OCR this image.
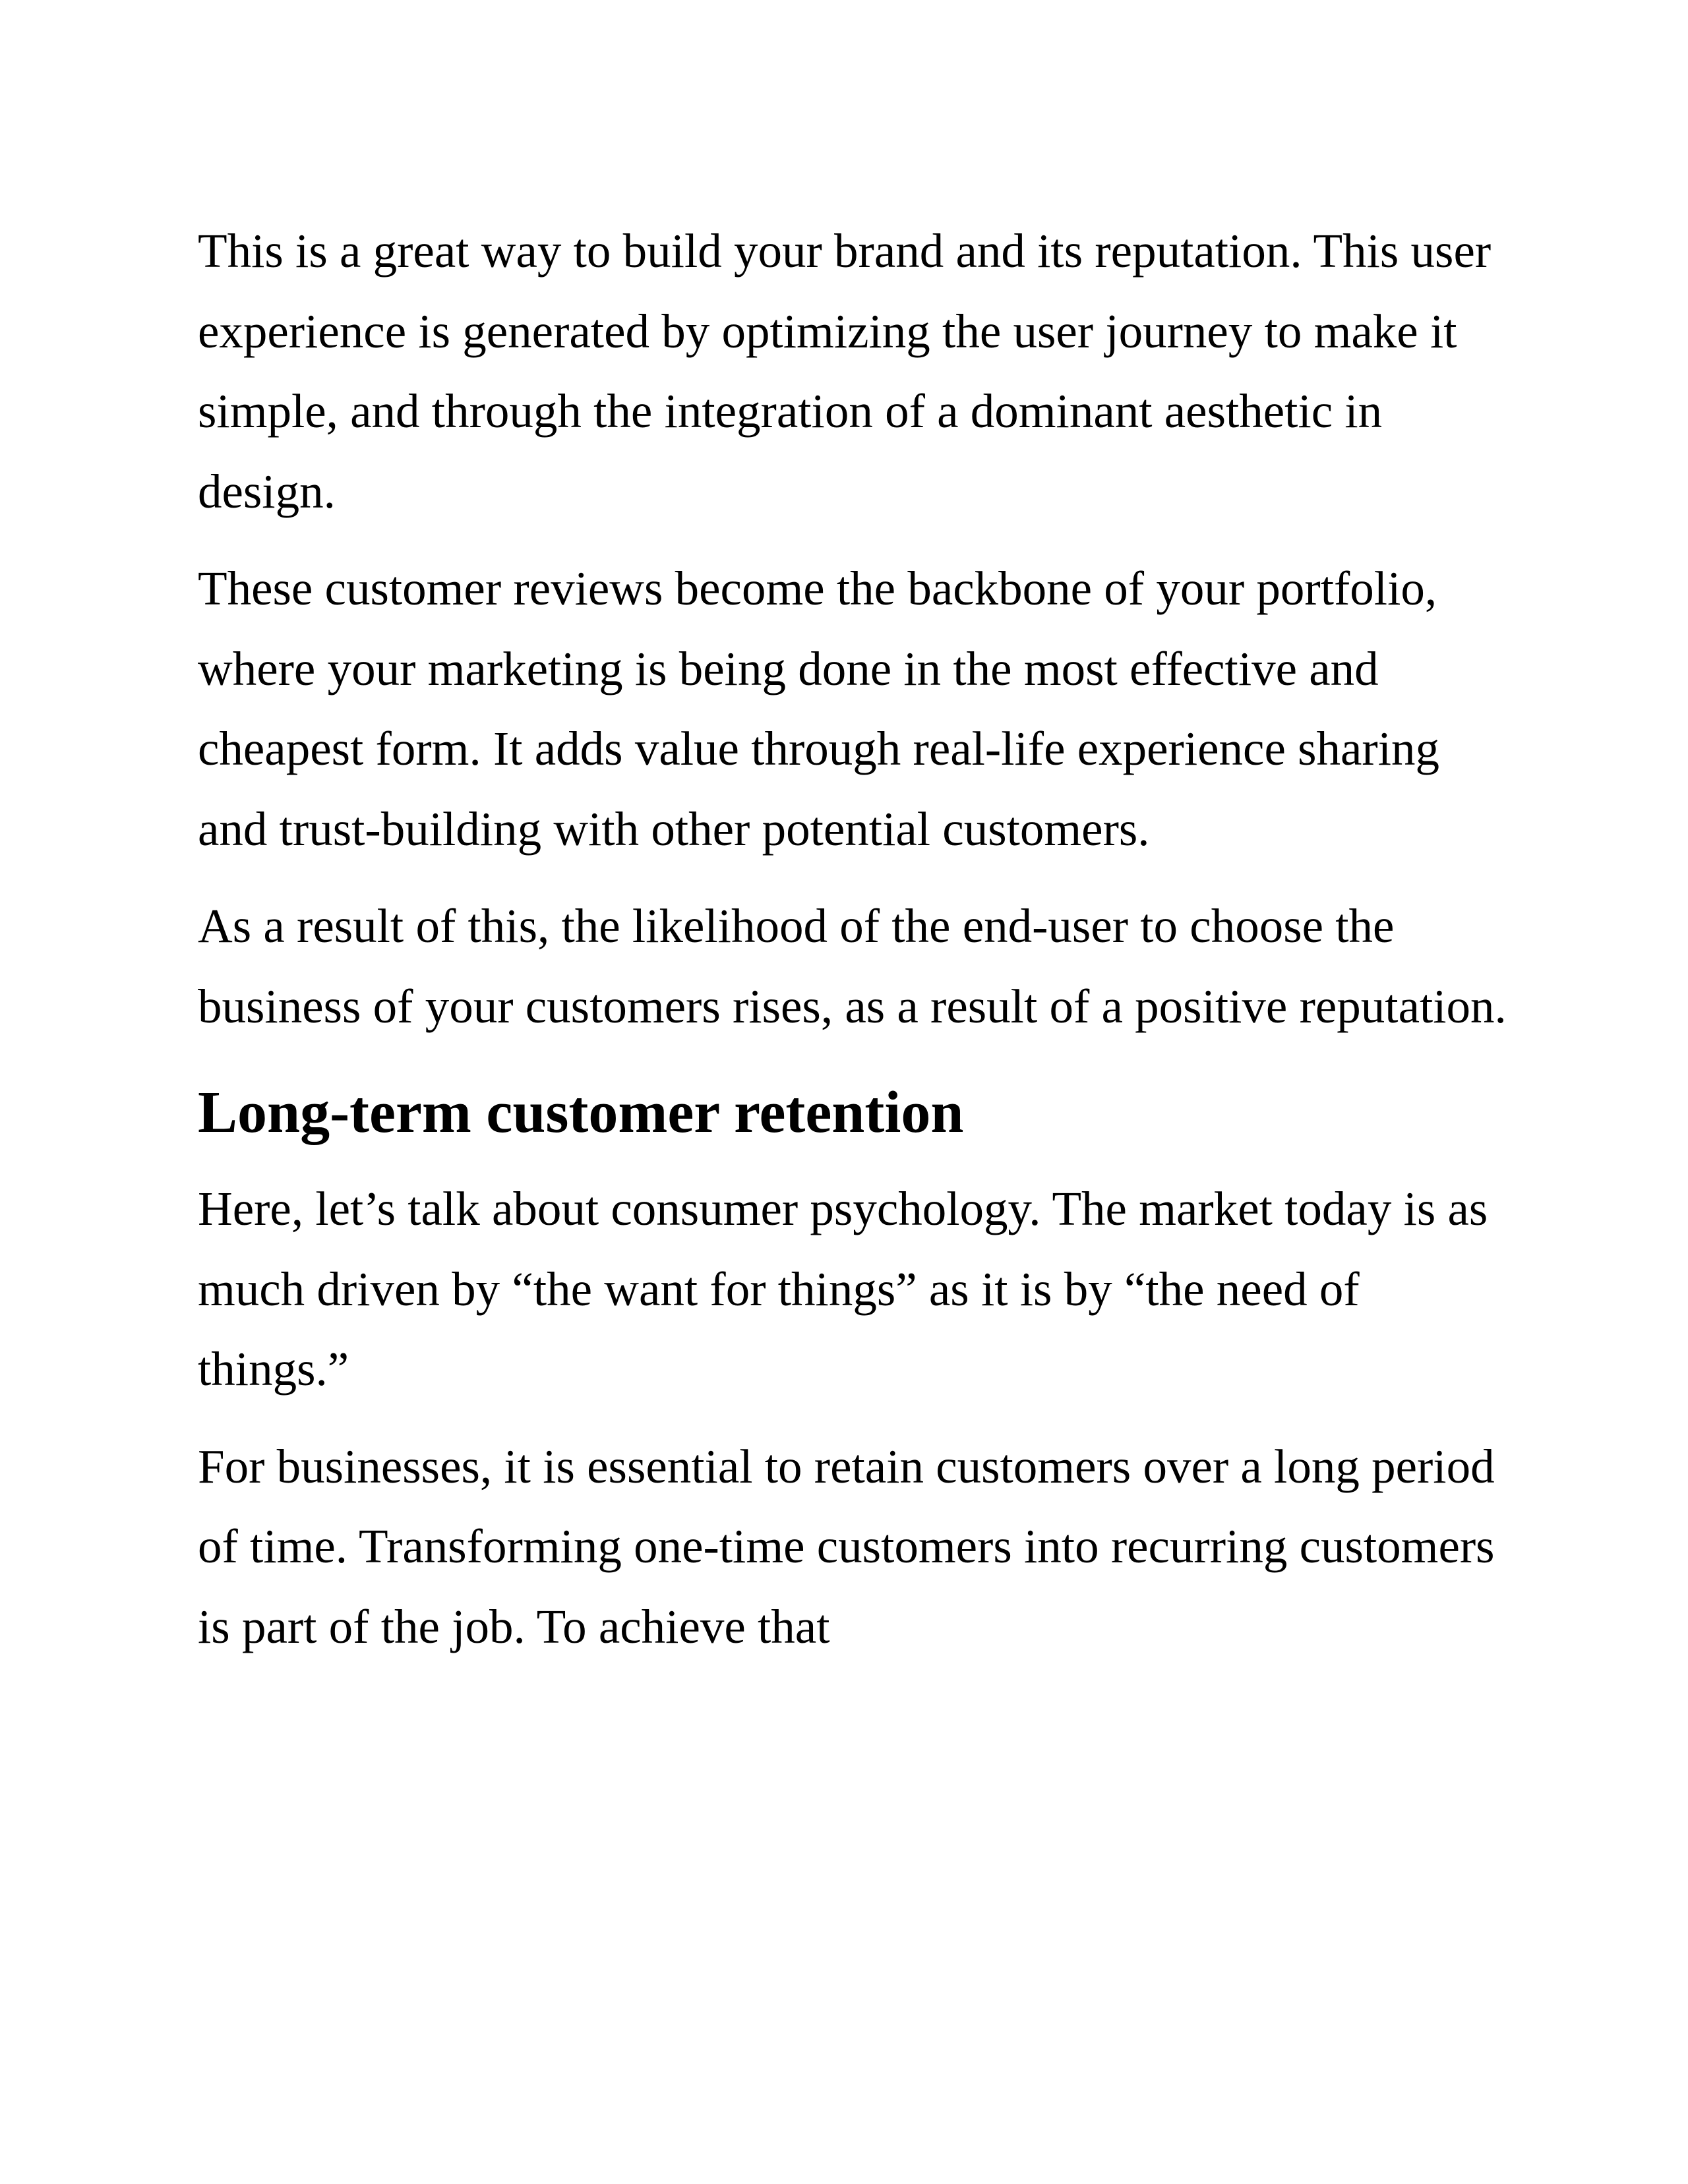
This is a great way to build your brand and its reputation. This user experience is generated by optimizing the user journey to make it simple, and through the integration of a dominant aesthetic in design.

These customer reviews become the backbone of your portfolio, where your marketing is being done in the most effective and cheapest form. It adds value through real-life experience sharing and trust-building with other potential customers.

As a result of this, the likelihood of the end-user to choose the business of your customers rises, as a result of a positive reputation.

Long-term customer retention

Here, let’s talk about consumer psychology. The market today is as much driven by “the want for things” as it is by “the need of things.”

For businesses, it is essential to retain customers over a long period of time. Transforming one-time customers into recurring customers is part of the job. To achieve that
